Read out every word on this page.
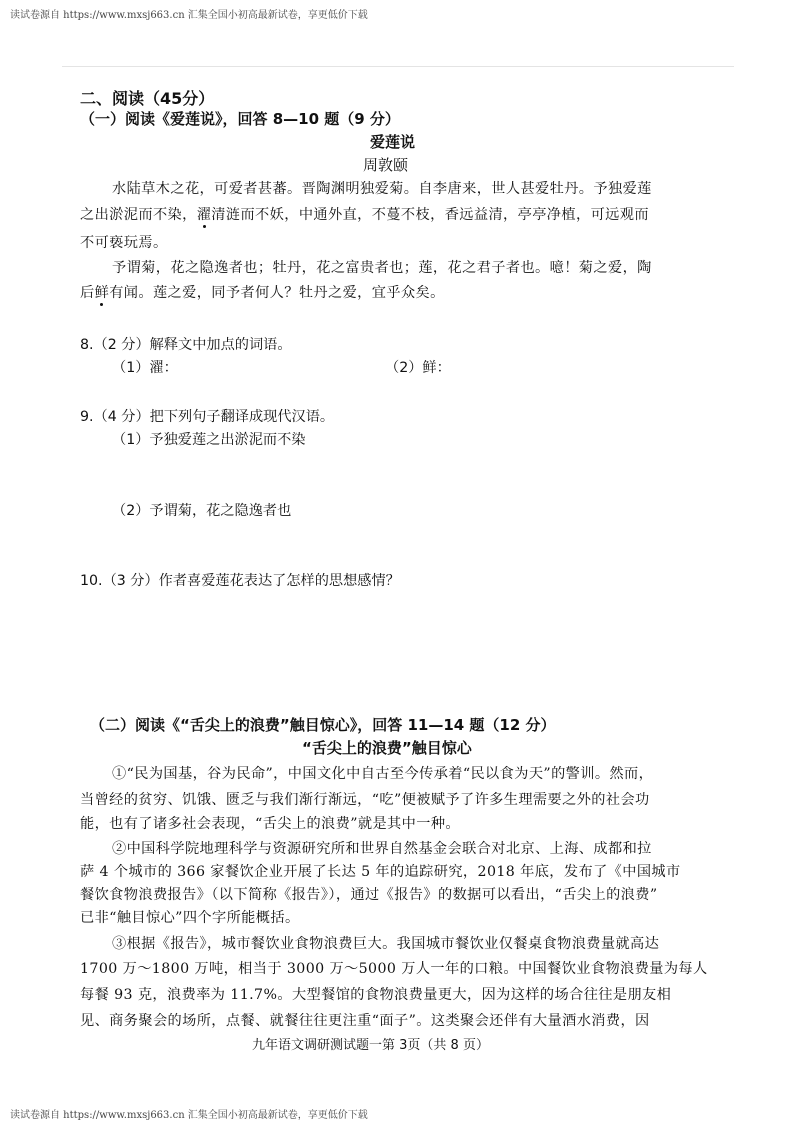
读试卷源自 https://www.mxsj663.cn 汇集全国小初高最新试卷，享更低价下载
二、阅读（45分）
（一）阅读《爱莲说》，回答 8—10 题（9 分）
爱莲说
周敦颐
水陆草木之花，可爱者甚蕃。晋陶渊明独爱菊。自李唐来，世人甚爱牡丹。予独爱莲
之出淤泥而不染，濯清涟而不妖，中通外直，不蔓不枝，香远益清，亭亭净植，可远观而
不可亵玩焉。
予谓菊，花之隐逸者也；牡丹，花之富贵者也；莲，花之君子者也。噫！菊之爱，陶
后鲜有闻。莲之爱，同予者何人？牡丹之爱，宜乎众矣。
8.（2 分）解释文中加点的词语。
（1）濯：	（2）鲜：
9.（4 分）把下列句子翻译成现代汉语。
（1）予独爱莲之出淤泥而不染
（2）予谓菊，花之隐逸者也
10.（3 分）作者喜爱莲花表达了怎样的思想感情？
（二）阅读《“舌尖上的浪费”触目惊心》，回答 11—14 题（12 分）
“舌尖上的浪费”触目惊心
①“民为国基，谷为民命”，中国文化中自古至今传承着“民以食为天”的警训。然而，
当曾经的贫穷、饥饿、匮乏与我们渐行渐远，“吃”便被赋予了许多生理需要之外的社会功
能，也有了诸多社会表现，“舌尖上的浪费”就是其中一种。
②中国科学院地理科学与资源研究所和世界自然基金会联合对北京、上海、成都和拉
萨 4 个城市的 366 家餐饮企业开展了长达 5 年的追踪研究，2018 年底，发布了《中国城市
餐饮食物浪费报告》（以下简称《报告》），通过《报告》的数据可以看出，“舌尖上的浪费”
已非“触目惊心”四个字所能概括。
③根据《报告》，城市餐饮业食物浪费巨大。我国城市餐饮业仅餐桌食物浪费量就高达
1700 万～1800 万吨，相当于 3000 万～5000 万人一年的口粮。中国餐饮业食物浪费量为每人
每餐 93 克，浪费率为 11.7%。大型餐馆的食物浪费量更大，因为这样的场合往往是朋友相
见、商务聚会的场所，点餐、就餐往往更注重“面子”。这类聚会还伴有大量酒水消费，因
九年语文调研测试题一第 3页（共 8 页）
读试卷源自 https://www.mxsj663.cn 汇集全国小初高最新试卷，享更低价下载
